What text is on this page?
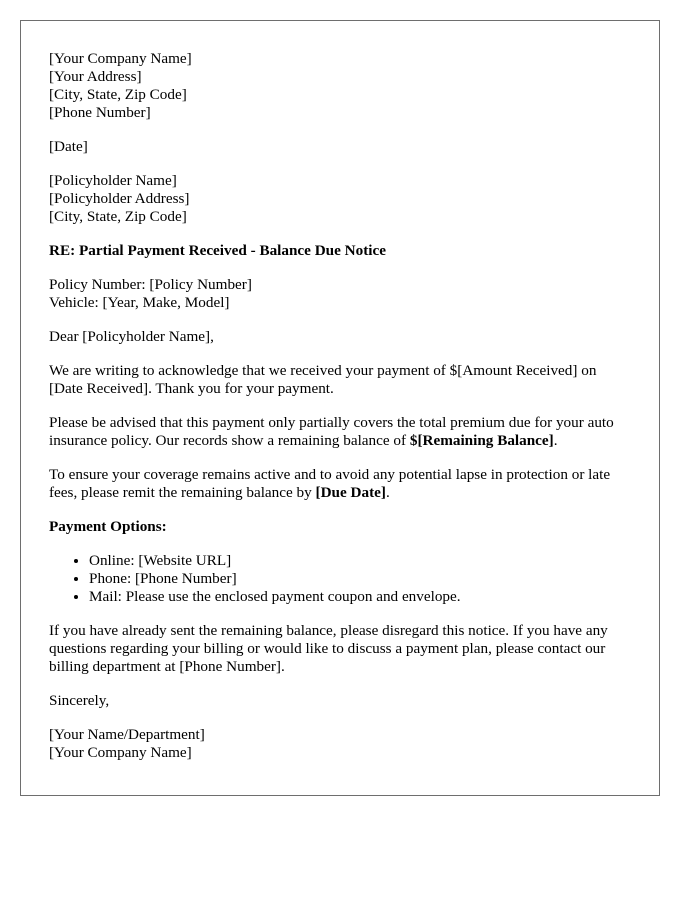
[Your Company Name]
[Your Address]
[City, State, Zip Code]
[Phone Number]
[Date]
[Policyholder Name]
[Policyholder Address]
[City, State, Zip Code]

RE: Partial Payment Received - Balance Due Notice

Policy Number: [Policy Number]
Vehicle: [Year, Make, Model]

Dear [Policyholder Name],

We are writing to acknowledge that we received your payment of $[Amount Received] on [Date Received]. Thank you for your payment.

Please be advised that this payment only partially covers the total premium due for your auto insurance policy. Our records show a remaining balance of $[Remaining Balance].

To ensure your coverage remains active and to avoid any potential lapse in protection or late fees, please remit the remaining balance by [Due Date].

Payment Options:

• Online: [Website URL]
• Phone: [Phone Number]
• Mail: Please use the enclosed payment coupon and envelope.

If you have already sent the remaining balance, please disregard this notice. If you have any questions regarding your billing or would like to discuss a payment plan, please contact our billing department at [Phone Number].

Sincerely,

[Your Name/Department]
[Your Company Name]
